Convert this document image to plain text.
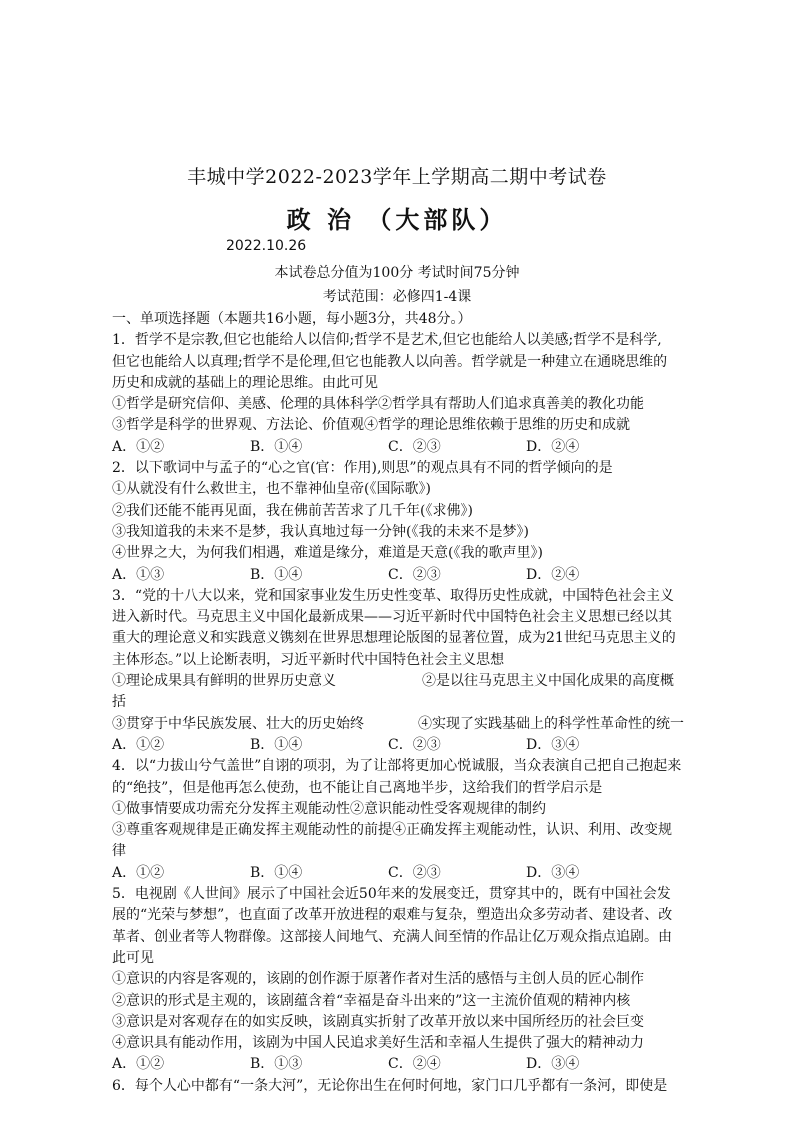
丰城中学2022-2023学年上学期高二期中考试卷
政 治 （大部队）
2022.10.26
本试卷总分值为100分 考试时间75分钟
考试范围：必修四1-4课
一、单项选择题（本题共16小题，每小题3分，共48分。）
1．哲学不是宗教,但它也能给人以信仰;哲学不是艺术,但它也能给人以美感;哲学不是科学,
但它也能给人以真理;哲学不是伦理,但它也能教人以向善。哲学就是一种建立在通晓思维的
历史和成就的基础上的理论思维。由此可见
①哲学是研究信仰、美感、伦理的具体科学②哲学具有帮助人们追求真善美的教化功能
③哲学是科学的世界观、方法论、价值观④哲学的理论思维依赖于思维的历史和成就
A．①②	B．①④	C．②③	D．②④
2．以下歌词中与孟子的“心之官(官：作用),则思”的观点具有不同的哲学倾向的是
①从就没有什么救世主，也不靠神仙皇帝(《国际歌》)
②我们还能不能再见面，我在佛前苦苦求了几千年(《求佛》)
③我知道我的未来不是梦，我认真地过每一分钟(《我的未来不是梦》)
④世界之大，为何我们相遇，难道是缘分，难道是天意(《我的歌声里》)
A．①③	B．①④	C．②③	D．②④
3．“党的十八大以来，党和国家事业发生历史性变革、取得历史性成就，中国特色社会主义
进入新时代。马克思主义中国化最新成果——习近平新时代中国特色社会主义思想已经以其
重大的理论意义和实践意义镌刻在世界思想理论版图的显著位置，成为21世纪马克思主义的
主体形态。”以上论断表明，习近平新时代中国特色社会主义思想
①理论成果具有鲜明的世界历史意义	②是以往马克思主义中国化成果的高度概
括
③贯穿于中华民族发展、壮大的历史始终	④实现了实践基础上的科学性革命性的统一
A．①②	B．①④	C．②③	D．③④
4．以“力拔山兮气盖世”自诩的项羽，为了让部将更加心悦诚服，当众表演自己把自己抱起来
的“绝技”，但是他再怎么使劲，也不能让自己离地半步，这给我们的哲学启示是
①做事情要成功需充分发挥主观能动性②意识能动性受客观规律的制约
③尊重客观规律是正确发挥主观能动性的前提④正确发挥主观能动性，认识、利用、改变规
律
A．①②	B．①④	C．②③	D．③④
5．电视剧《人世间》展示了中国社会近50年来的发展变迁，贯穿其中的，既有中国社会发
展的“光荣与梦想”，也直面了改革开放进程的艰难与复杂，塑造出众多劳动者、建设者、改
革者、创业者等人物群像。这部接人间地气、充满人间至情的作品让亿万观众指点追剧。由
此可见
①意识的内容是客观的，该剧的创作源于原著作者对生活的感悟与主创人员的匠心制作
②意识的形式是主观的，该剧蕴含着“幸福是奋斗出来的”这一主流价值观的精神内核
③意识是对客观存在的如实反映，该剧真实折射了改革开放以来中国所经历的社会巨变
④意识具有能动作用，该剧为中国人民追求美好生活和幸福人生提供了强大的精神动力
A．①②	B．①③	C．②④	D．③④
6．每个人心中都有“一条大河”，无论你出生在何时何地，家门口几乎都有一条河，即使是
